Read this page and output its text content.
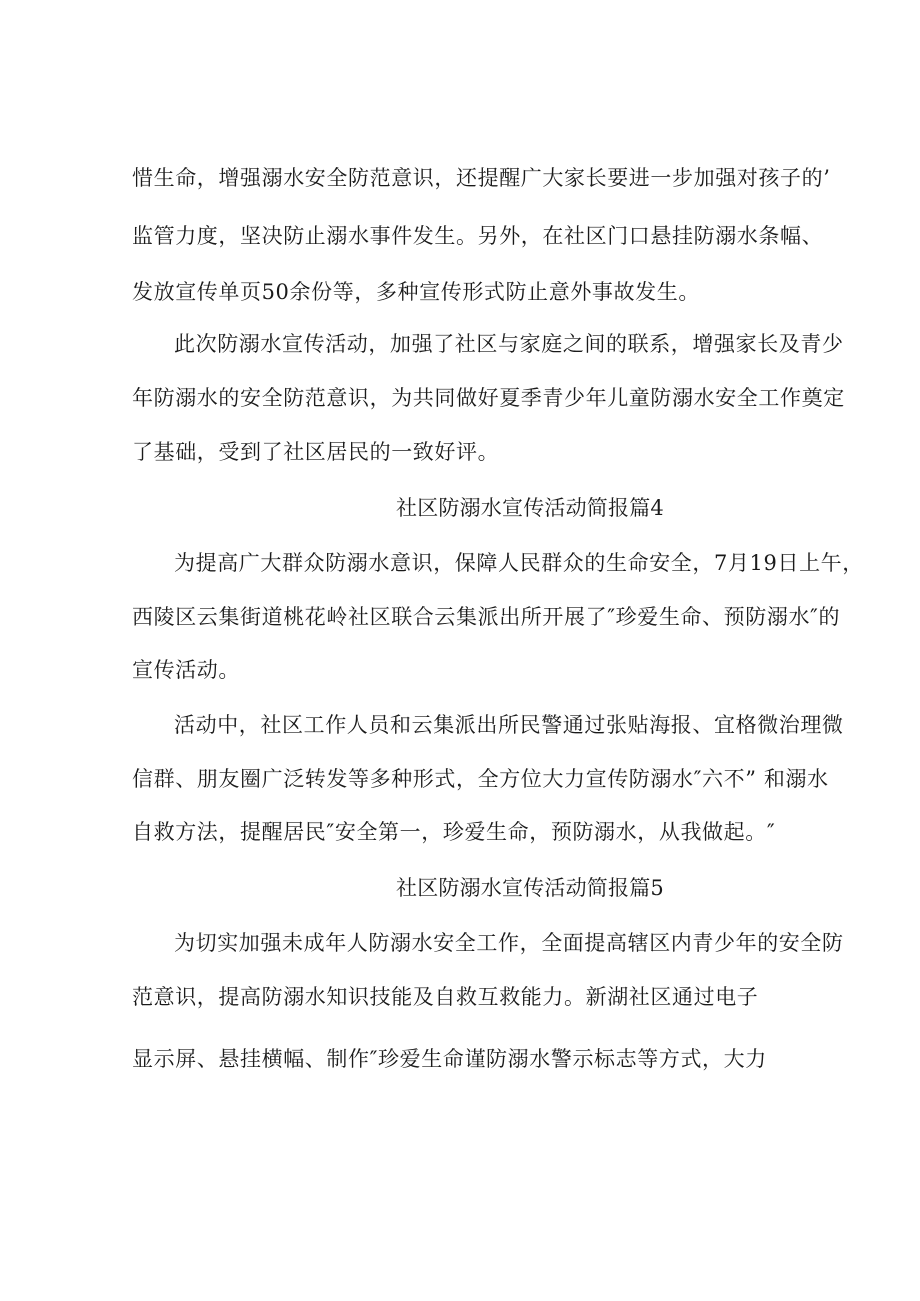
惜生命，增强溺水安全防范意识，还提醒广大家长要进一步加强对孩子的’
监管力度，坚决防止溺水事件发生。另外，在社区门口悬挂防溺水条幅、
发放宣传单页50余份等，多种宣传形式防止意外事故发生。
此次防溺水宣传活动，加强了社区与家庭之间的联系，增强家长及青少
年防溺水的安全防范意识，为共同做好夏季青少年儿童防溺水安全工作奠定
了基础，受到了社区居民的一致好评。
社区防溺水宣传活动简报篇4
为提高广大群众防溺水意识，保障人民群众的生命安全，7月19日上午，
西陵区云集街道桃花岭社区联合云集派出所开展了″珍爱生命、预防溺水″的
宣传活动。
活动中，社区工作人员和云集派出所民警通过张贴海报、宜格微治理微
信群、朋友圈广泛转发等多种形式，全方位大力宣传防溺水″六不” 和溺水
自救方法，提醒居民″安全第一，珍爱生命，预防溺水，从我做起。″
社区防溺水宣传活动简报篇5
为切实加强未成年人防溺水安全工作，全面提高辖区内青少年的安全防
范意识，提高防溺水知识技能及自救互救能力。新湖社区通过电子
显示屏、悬挂横幅、制作″珍爱生命谨防溺水警示标志等方式，大力
